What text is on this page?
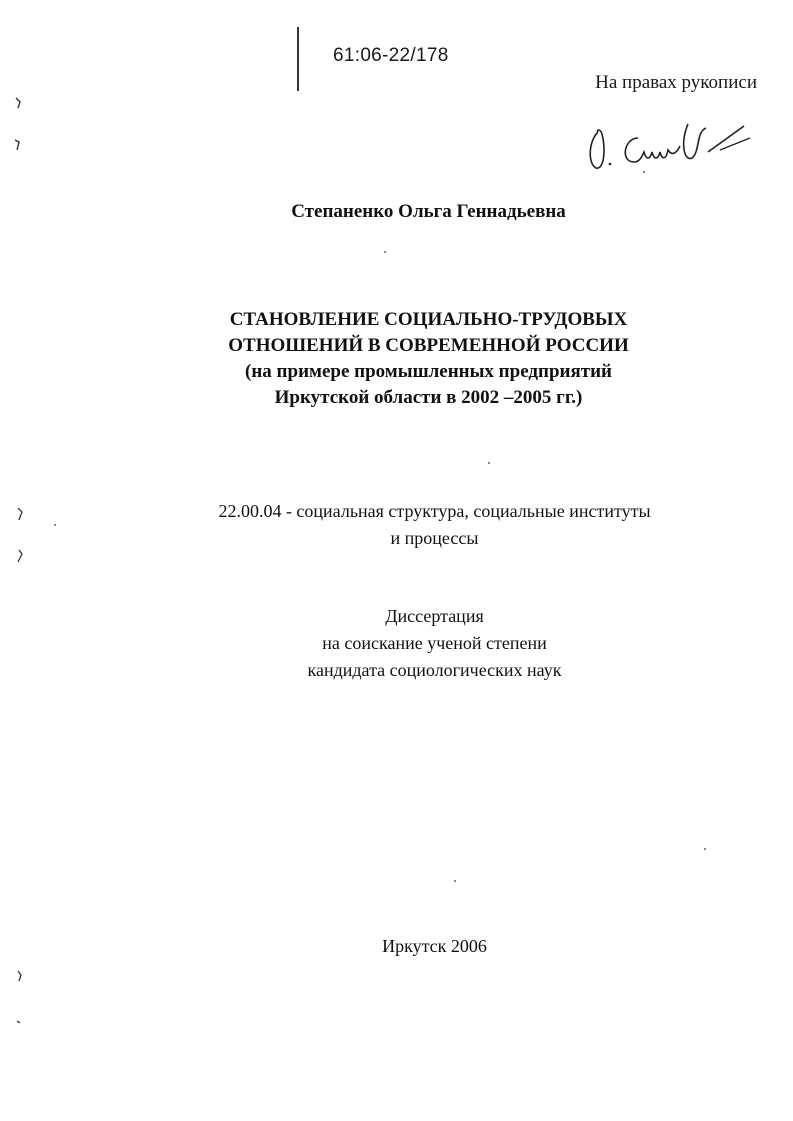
61:06-22/178
На правах рукописи
Степаненко Ольга Геннадьевна
СТАНОВЛЕНИЕ СОЦИАЛЬНО-ТРУДОВЫХ
ОТНОШЕНИЙ В СОВРЕМЕННОЙ РОССИИ
(на примере промышленных предприятий
Иркутской области в 2002 –2005 гг.)
22.00.04 - социальная структура, социальные институты
и процессы
Диссертация
на соискание ученой степени
кандидата социологических наук
Иркутск 2006
